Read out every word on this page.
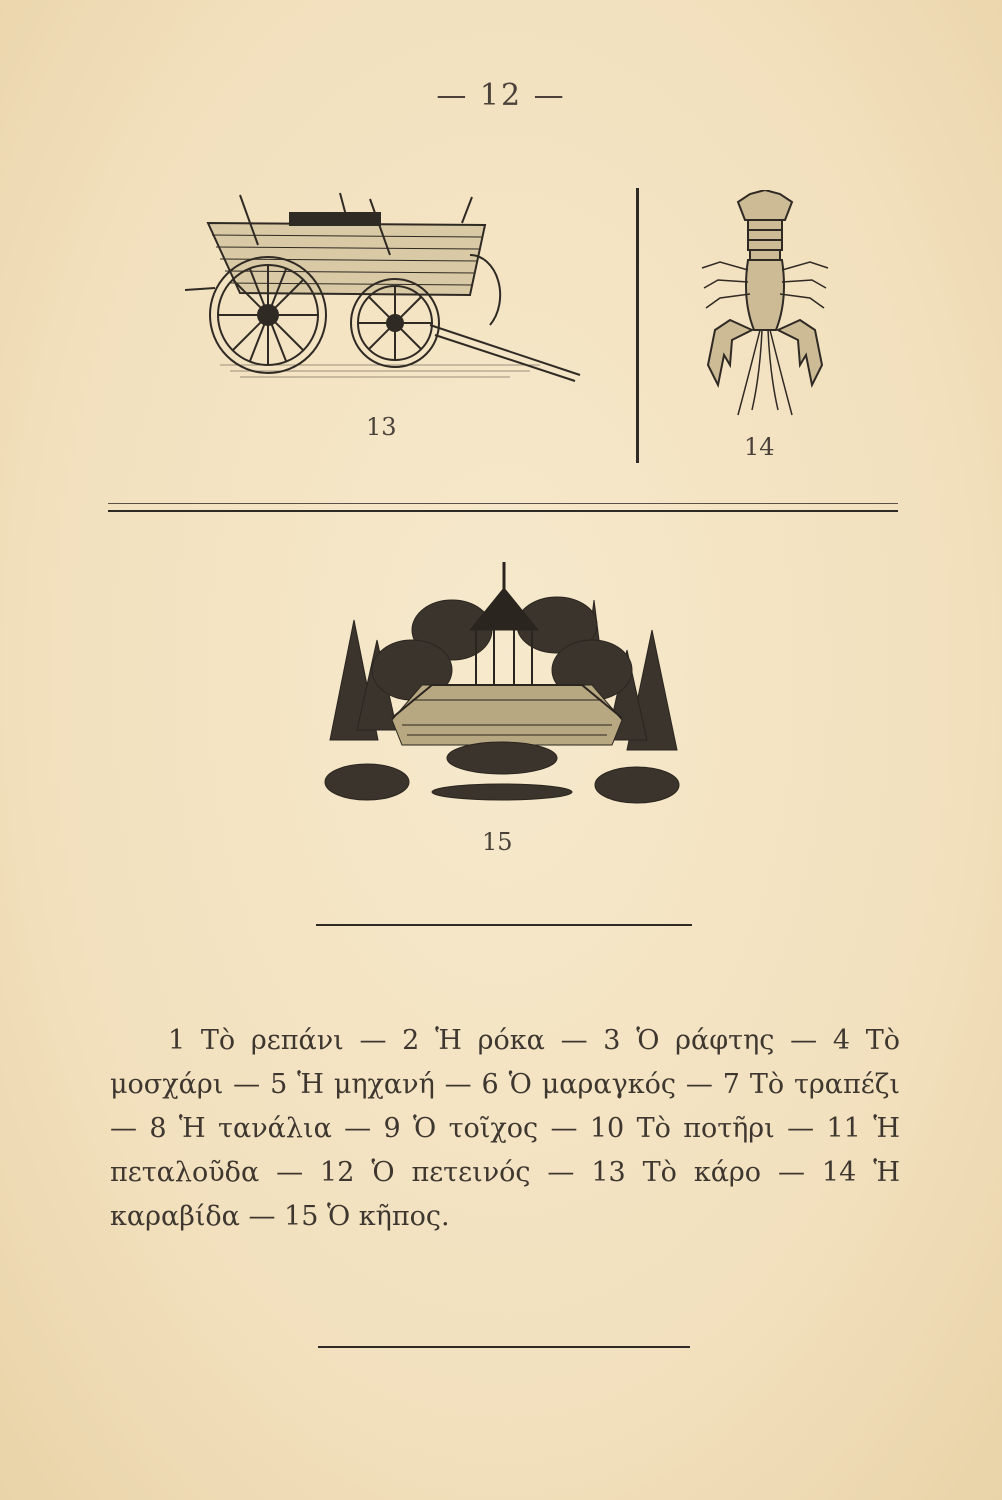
— 12 —
13
14
15

1 Τὸ ρεπάνι — 2 Ἡ ρόκα — 3 Ὁ ράφτης — 4 Τὸ μοσχάρι — 5 Ἡ μηχανή — 6 Ὁ μαραγκός — 7 Τὸ τραπέζι — 8 Ἡ τανάλια — 9 Ὁ τοῖχος — 10 Τὸ ποτῆρι — 11 Ἡ πεταλοῦδα — 12 Ὁ πετεινός — 13 Τὸ κάρο — 14 Ἡ καραβίδα — 15 Ὁ κῆπος.
